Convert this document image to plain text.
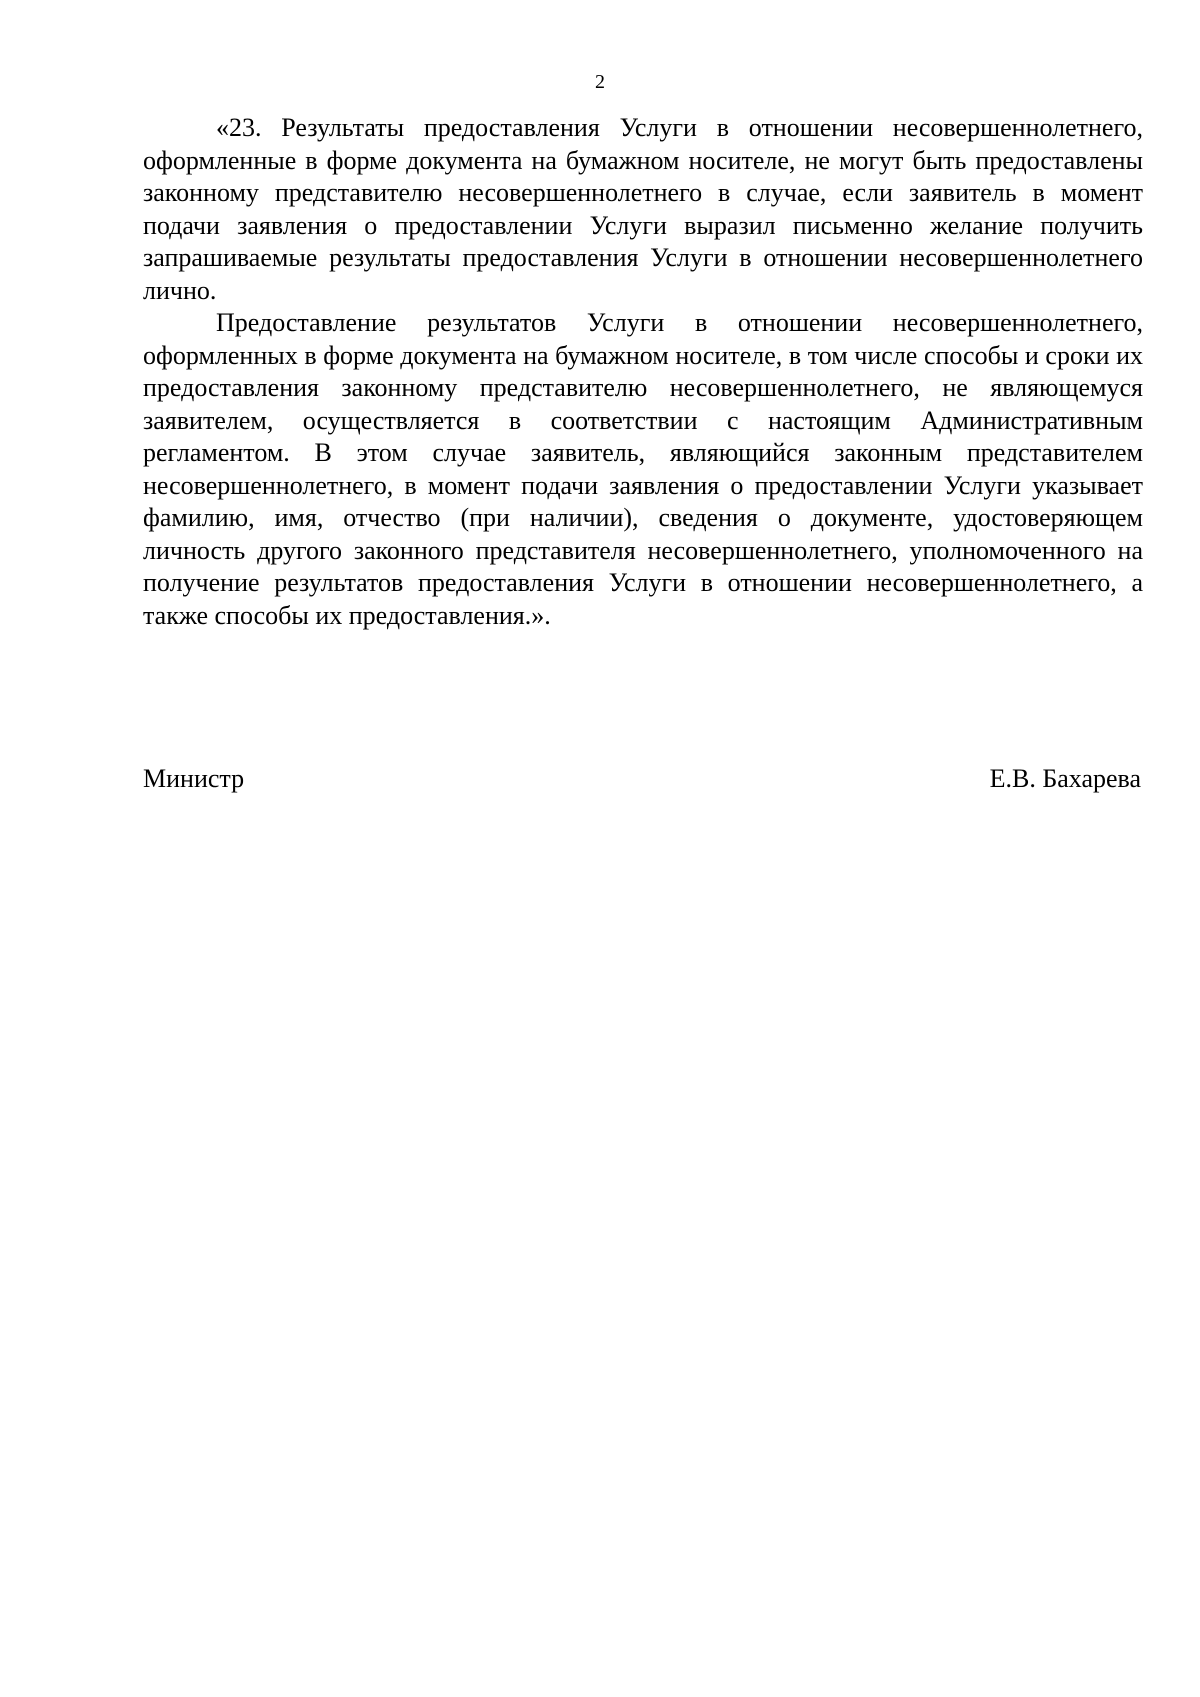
2

«23. Результаты предоставления Услуги в отношении несовершеннолетнего, оформленные в форме документа на бумажном носителе, не могут быть предоставлены законному представителю несовершеннолетнего в случае, если заявитель в момент подачи заявления о предоставлении Услуги выразил письменно желание получить запрашиваемые результаты предоставления Услуги в отношении несовершеннолетнего лично.

Предоставление результатов Услуги в отношении несовершеннолетнего, оформленных в форме документа на бумажном носителе, в том числе способы и сроки их предоставления законному представителю несовершеннолетнего, не являющемуся заявителем, осуществляется в соответствии с настоящим Административным регламентом. В этом случае заявитель, являющийся законным представителем несовершеннолетнего, в момент подачи заявления о предоставлении Услуги указывает фамилию, имя, отчество (при наличии), сведения о документе, удостоверяющем личность другого законного представителя несовершеннолетнего, уполномоченного на получение результатов предоставления Услуги в отношении несовершеннолетнего, а также способы их предоставления.».

Министр	Е.В. Бахарева
